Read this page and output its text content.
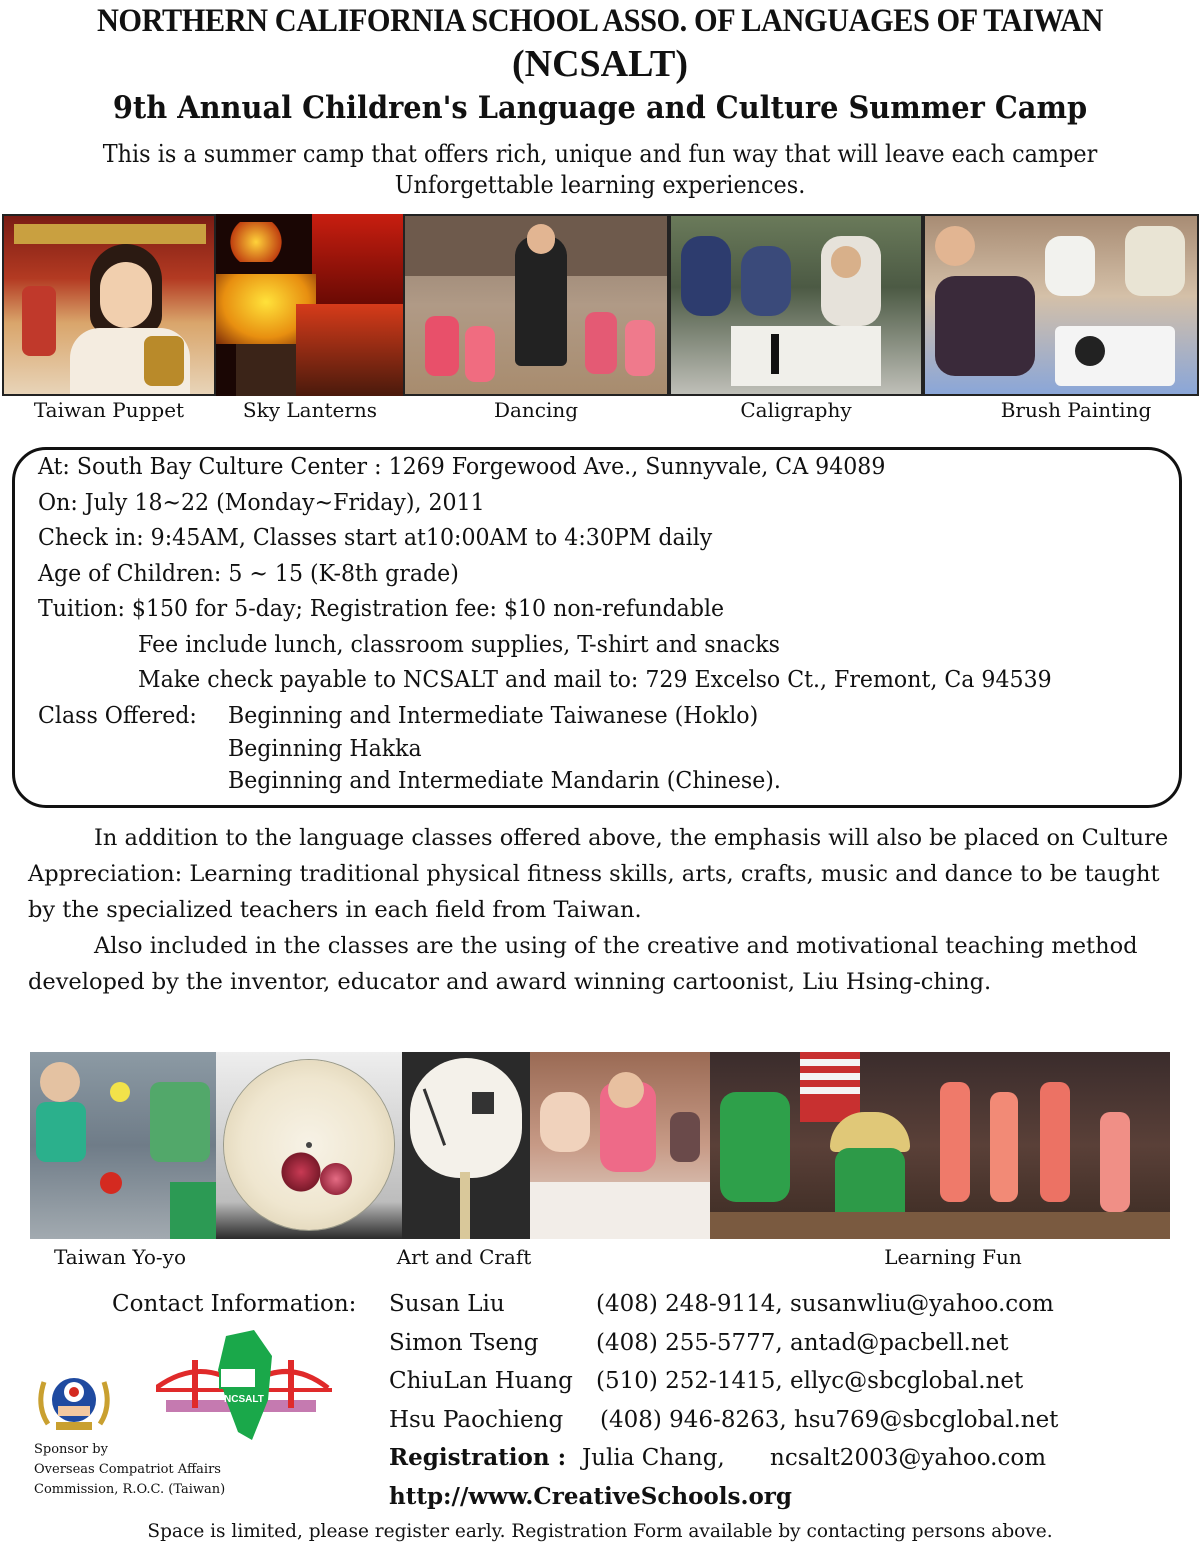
NORTHERN CALIFORNIA SCHOOL ASSO. OF LANGUAGES OF TAIWAN
(NCSALT)
9th Annual Children's Language and Culture Summer Camp
This is a summer camp that offers rich, unique and fun way that will leave each camper
Unforgettable learning experiences.
Taiwan Puppet	Sky Lanterns	Dancing	Caligraphy	Brush Painting
At: South Bay Culture Center : 1269 Forgewood Ave., Sunnyvale, CA 94089
On: July 18~22 (Monday~Friday), 2011
Check in: 9:45AM, Classes start at10:00AM to 4:30PM daily
Age of Children: 5 ~ 15 (K-8th grade)
Tuition: $150 for 5-day; Registration fee: $10 non-refundable
Fee include lunch, classroom supplies, T-shirt and snacks
Make check payable to NCSALT and mail to: 729 Excelso Ct., Fremont, Ca 94539
Class Offered: Beginning and Intermediate Taiwanese (Hoklo)
Beginning Hakka
Beginning and Intermediate Mandarin (Chinese).
In addition to the language classes offered above, the emphasis will also be placed on Culture Appreciation: Learning traditional physical fitness skills, arts, crafts, music and dance to be taught by the specialized teachers in each field from Taiwan.
Also included in the classes are the using of the creative and motivational teaching method developed by the inventor, educator and award winning cartoonist, Liu Hsing-ching.
Taiwan Yo-yo	Art and Craft	Learning Fun
Contact Information: Susan Liu	(408) 248-9114, susanwliu@yahoo.com
Simon Tseng (408) 255-5777, antad@pacbell.net
ChiuLan Huang (510) 252-1415, ellyc@sbcglobal.net
Hsu Paochieng (408) 946-8263, hsu769@sbcglobal.net
Registration : Julia Chang, ncsalt2003@yahoo.com
http://www.CreativeSchools.org
NCSALT
Sponsor by
Overseas Compatriot Affairs
Commission, R.O.C. (Taiwan)
Space is limited, please register early. Registration Form available by contacting persons above.
